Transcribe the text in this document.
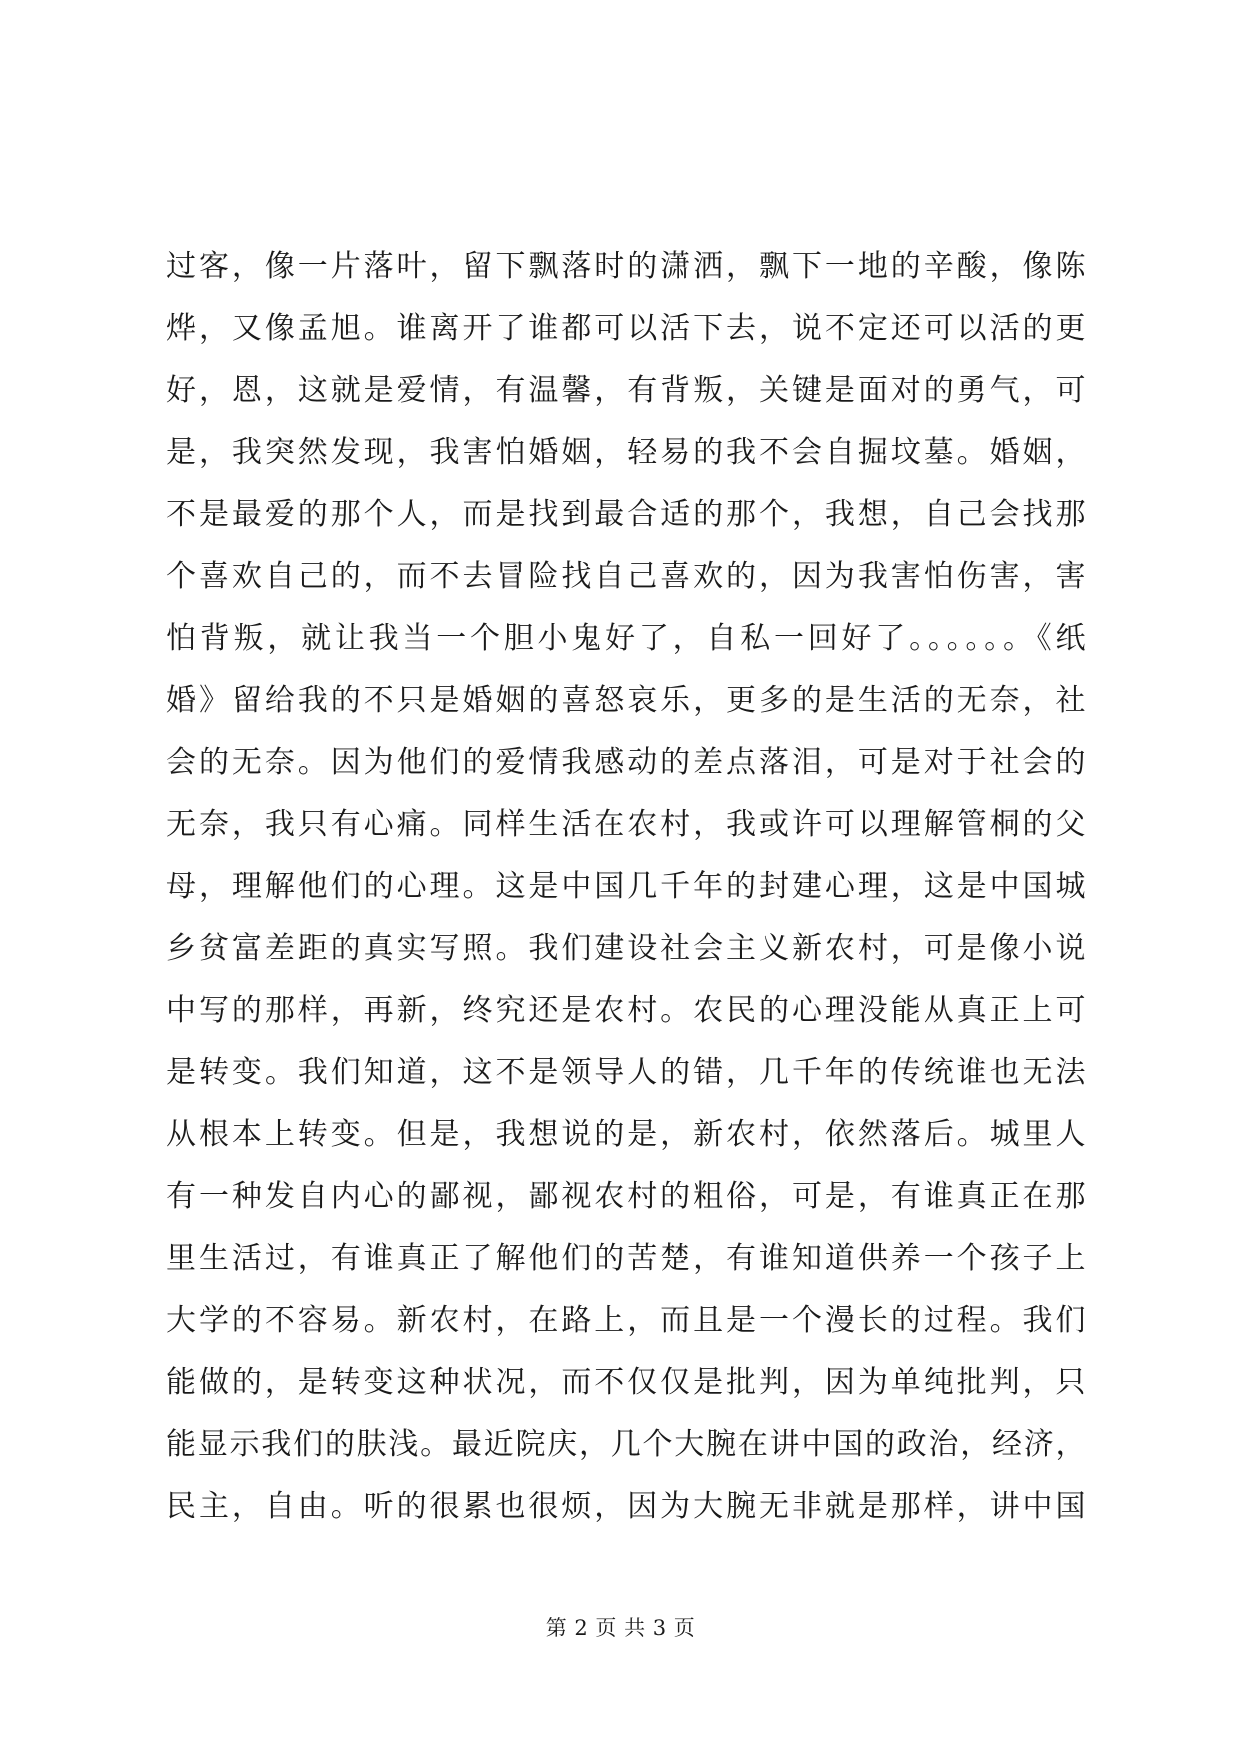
过客，像一片落叶，留下飘落时的潇洒，飘下一地的辛酸，像陈
烨，又像孟旭。谁离开了谁都可以活下去，说不定还可以活的更
好，恩，这就是爱情，有温馨，有背叛，关键是面对的勇气，可
是，我突然发现，我害怕婚姻，轻易的我不会自掘坟墓。婚姻，
不是最爱的那个人，而是找到最合适的那个，我想，自己会找那
个喜欢自己的，而不去冒险找自己喜欢的，因为我害怕伤害，害
怕背叛，就让我当一个胆小鬼好了，自私一回好了。。。。。。《纸
婚》留给我的不只是婚姻的喜怒哀乐，更多的是生活的无奈，社
会的无奈。因为他们的爱情我感动的差点落泪，可是对于社会的
无奈，我只有心痛。同样生活在农村，我或许可以理解管桐的父
母，理解他们的心理。这是中国几千年的封建心理，这是中国城
乡贫富差距的真实写照。我们建设社会主义新农村，可是像小说
中写的那样，再新，终究还是农村。农民的心理没能从真正上可
是转变。我们知道，这不是领导人的错，几千年的传统谁也无法
从根本上转变。但是，我想说的是，新农村，依然落后。城里人
有一种发自内心的鄙视，鄙视农村的粗俗，可是，有谁真正在那
里生活过，有谁真正了解他们的苦楚，有谁知道供养一个孩子上
大学的不容易。新农村，在路上，而且是一个漫长的过程。我们
能做的，是转变这种状况，而不仅仅是批判，因为单纯批判，只
能显示我们的肤浅。最近院庆，几个大腕在讲中国的政治，经济，
民主，自由。听的很累也很烦，因为大腕无非就是那样，讲中国
第 2 页 共 3 页
